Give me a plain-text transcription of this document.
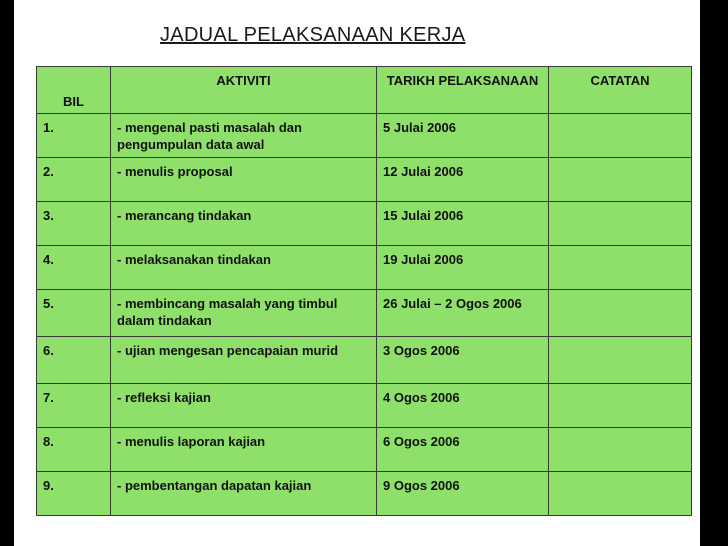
JADUAL PELAKSANAAN KERJA
BIL	AKTIVITI	TARIKH PELAKSANAAN	CATATAN
1.	- mengenal pasti masalah dan pengumpulan data awal	5 Julai 2006	
2.	- menulis proposal	12 Julai 2006	
3.	- merancang tindakan	15 Julai 2006	
4.	- melaksanakan tindakan	19 Julai 2006	
5.	- membincang masalah yang timbul dalam tindakan	26 Julai – 2 Ogos 2006	
6.	- ujian mengesan pencapaian murid	3 Ogos 2006	
7.	- refleksi kajian	4 Ogos 2006	
8.	- menulis laporan kajian	6 Ogos 2006	
9.	- pembentangan dapatan kajian	9 Ogos 2006	
